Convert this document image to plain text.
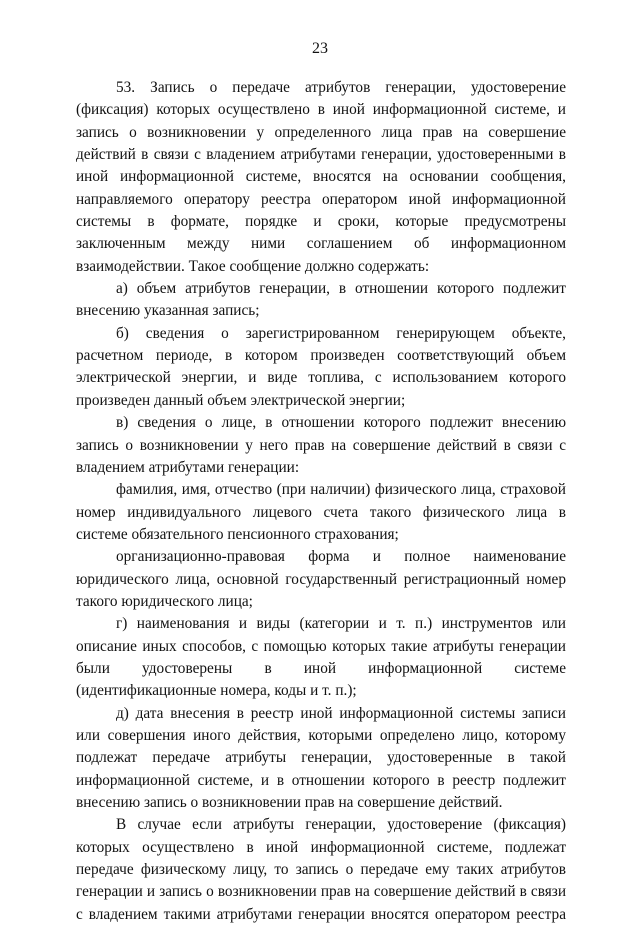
23

53. Запись о передаче атрибутов генерации, удостоверение (фиксация) которых осуществлено в иной информационной системе, и запись о возникновении у определенного лица прав на совершение действий в связи с владением атрибутами генерации, удостоверенными в иной информационной системе, вносятся на основании сообщения, направляемого оператору реестра оператором иной информационной системы в формате, порядке и сроки, которые предусмотрены заключенным между ними соглашением об информационном взаимодействии. Такое сообщение должно содержать:

а) объем атрибутов генерации, в отношении которого подлежит внесению указанная запись;

б) сведения о зарегистрированном генерирующем объекте, расчетном периоде, в котором произведен соответствующий объем электрической энергии, и виде топлива, с использованием которого произведен данный объем электрической энергии;

в) сведения о лице, в отношении которого подлежит внесению запись о возникновении у него прав на совершение действий в связи с владением атрибутами генерации:

фамилия, имя, отчество (при наличии) физического лица, страховой номер индивидуального лицевого счета такого физического лица в системе обязательного пенсионного страхования;

организационно-правовая форма и полное наименование юридического лица, основной государственный регистрационный номер такого юридического лица;

г) наименования и виды (категории и т. п.) инструментов или описание иных способов, с помощью которых такие атрибуты генерации были удостоверены в иной информационной системе (идентификационные номера, коды и т. п.);

д) дата внесения в реестр иной информационной системы записи или совершения иного действия, которыми определено лицо, которому подлежат передаче атрибуты генерации, удостоверенные в такой информационной системе, и в отношении которого в реестр подлежит внесению запись о возникновении прав на совершение действий.

В случае если атрибуты генерации, удостоверение (фиксация) которых осуществлено в иной информационной системе, подлежат передаче физическому лицу, то запись о передаче ему таких атрибутов генерации и запись о возникновении прав на совершение действий в связи с владением такими атрибутами генерации вносятся оператором реестра
